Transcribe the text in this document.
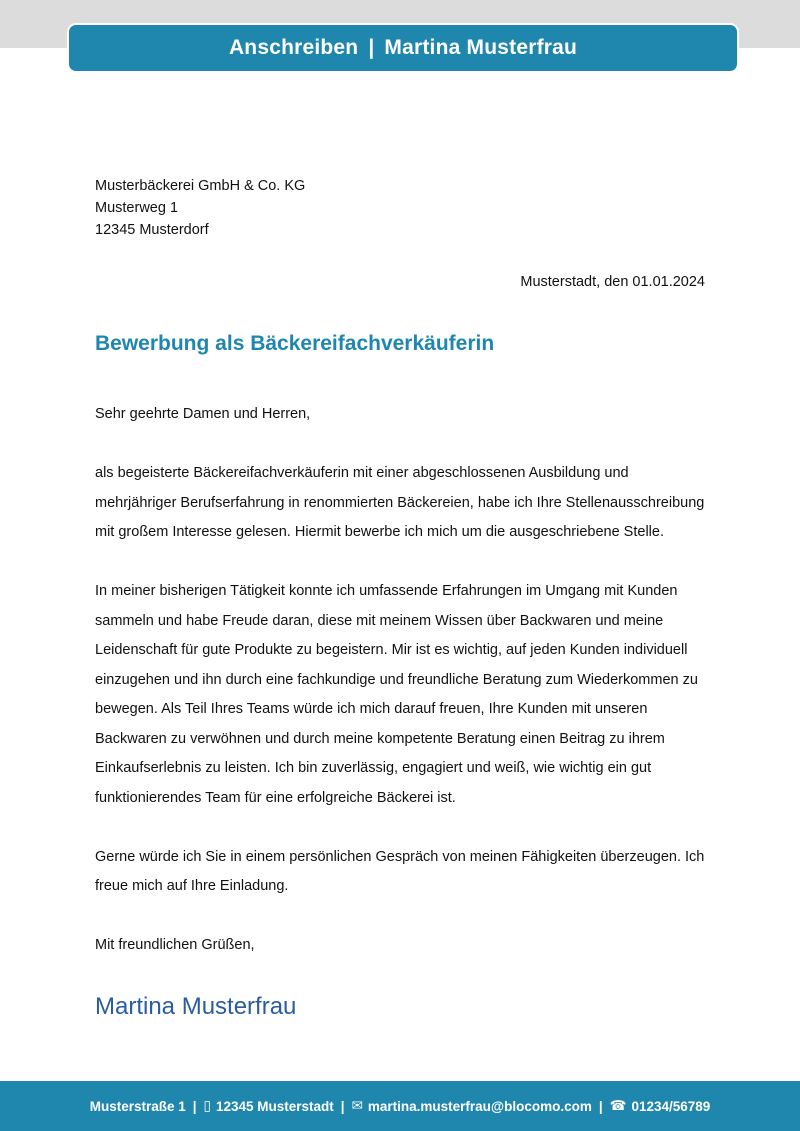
Anschreiben | Martina Musterfrau
Musterbäckerei GmbH & Co. KG
Musterweg 1
12345 Musterdorf
Musterstadt, den 01.01.2024
Bewerbung als Bäckereifachverkäuferin

Sehr geehrte Damen und Herren,

als begeisterte Bäckereifachverkäuferin mit einer abgeschlossenen Ausbildung und mehrjähriger Berufserfahrung in renommierten Bäckereien, habe ich Ihre Stellenausschreibung mit großem Interesse gelesen. Hiermit bewerbe ich mich um die ausgeschriebene Stelle.

In meiner bisherigen Tätigkeit konnte ich umfassende Erfahrungen im Umgang mit Kunden sammeln und habe Freude daran, diese mit meinem Wissen über Backwaren und meine Leidenschaft für gute Produkte zu begeistern. Mir ist es wichtig, auf jeden Kunden individuell einzugehen und ihn durch eine fachkundige und freundliche Beratung zum Wiederkommen zu bewegen. Als Teil Ihres Teams würde ich mich darauf freuen, Ihre Kunden mit unseren Backwaren zu verwöhnen und durch meine kompetente Beratung einen Beitrag zu ihrem Einkaufserlebnis zu leisten. Ich bin zuverlässig, engagiert und weiß, wie wichtig ein gut funktionierendes Team für eine erfolgreiche Bäckerei ist.

Gerne würde ich Sie in einem persönlichen Gespräch von meinen Fähigkeiten überzeugen. Ich freue mich auf Ihre Einladung.

Mit freundlichen Grüßen,

Martina Musterfrau
Musterstraße 1 | ▯ 12345 Musterstadt | ✉ martina.musterfrau@blocomo.com | ☎ 01234/56789
